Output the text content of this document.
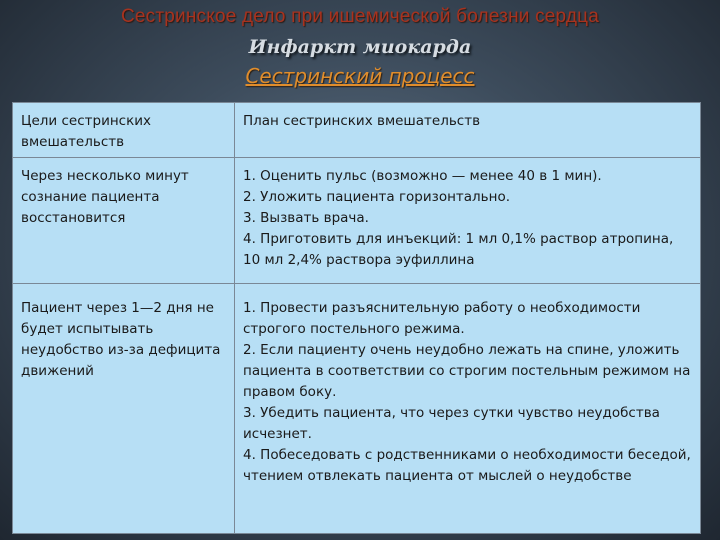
Сестринское дело при ишемической болезни сердца
Инфаркт миокарда
Сестринский процесс
Цели сестринских вмешательств	План сестринских вмешательств
Через несколько минут сознание пациента восстановится	1. Оценить пульс (возможно — менее 40 в 1 мин).
2. Уложить пациента горизонтально.
3. Вызвать врача.
4. Приготовить для инъекций: 1 мл 0,1% раствор атропина, 10 мл 2,4% раствора эуфиллина

Пациент через 1—2 дня не будет испытывать неудобство из-за дефицита движений	1. Провести разъяснительную работу о необходимости строгого постельного режима.
2. Если пациенту очень неудобно лежать на спине, уложить пациента в соответствии со строгим постельным режимом на правом боку.
3. Убедить пациента, что через сутки чувство неудобства исчезнет.
4. Побеседовать с родственниками о необходимости беседой, чтением отвлекать пациента от мыслей о неудобстве
